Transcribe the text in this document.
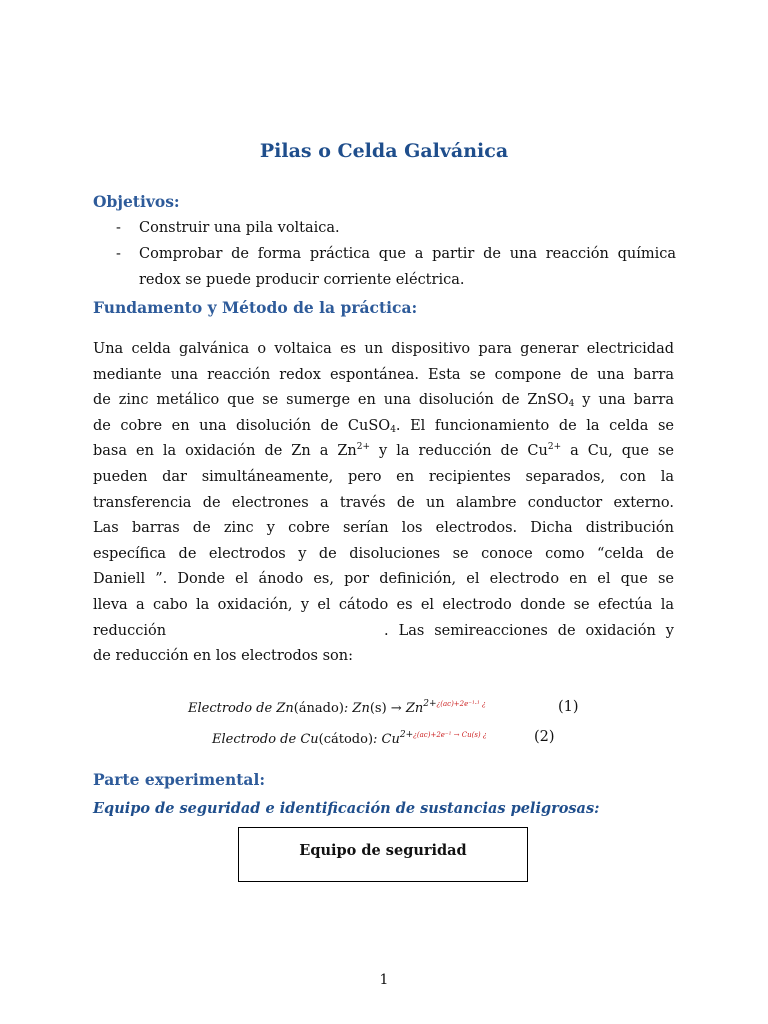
Pilas o Celda Galvánica
Objetivos:
- Construir una pila voltaica.
- Comprobar de forma práctica que a partir de una reacción química redox se puede producir corriente eléctrica.
Fundamento y Método de la práctica:
Una celda galvánica o voltaica es un dispositivo para generar electricidad
mediante una reacción redox espontánea. Esta se compone de una barra
de zinc metálico que se sumerge en una disolución de ZnSO$_4$ y una barra
de cobre en una disolución de CuSO$_4$. El funcionamiento de la celda se
basa en la oxidación de Zn a $Zn^{2+}$ y la reducción de $Cu^{2+}$ a Cu, que se
pueden dar simultáneamente, pero en recipientes separados, con la
transferencia de electrones a través de un alambre conductor externo.
Las barras de zinc y cobre serían los electrodos. Dicha distribución
específica de electrodos y de disoluciones se conoce como “celda de
Daniell ”. Donde el ánodo es, por definición, el electrodo en el que se
lleva a cabo la oxidación, y el cátodo es el electrodo donde se efectúa la
reducción	. Las semireacciones de oxidación y
de reducción en los electrodos son:
Electrodo de Zn(ánado): $Zn(s) \to Zn^{2+¿(ac)+2e^{-1}\cdot^1 ¿}$	(1)
Electrodo de Cu(cátodo): $Cu^{2+¿(ac)+2e^{-1} \to Cu(s) ¿}$	(2)
Parte experimental:
Equipo de seguridad e identificación de sustancias peligrosas:
Equipo de seguridad
1
